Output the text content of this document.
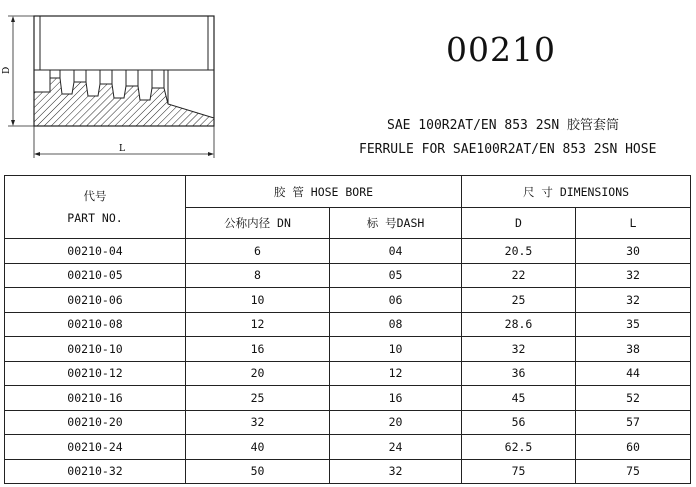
D
L
00210
SAE 100R2AT/EN 853 2SN 胶管套筒
FERRULE FOR SAE100R2AT/EN 853 2SN HOSE
代号
PART NO.	胶 管 HOSE BORE		尺 寸 DIMENSIONS	
	公称内径 DN	标 号DASH	D	L
00210-04	6	04	20.5	30
00210-05	8	05	22	32
00210-06	10	06	25	32
00210-08	12	08	28.6	35
00210-10	16	10	32	38
00210-12	20	12	36	44
00210-16	25	16	45	52
00210-20	32	20	56	57
00210-24	40	24	62.5	60
00210-32	50	32	75	75
